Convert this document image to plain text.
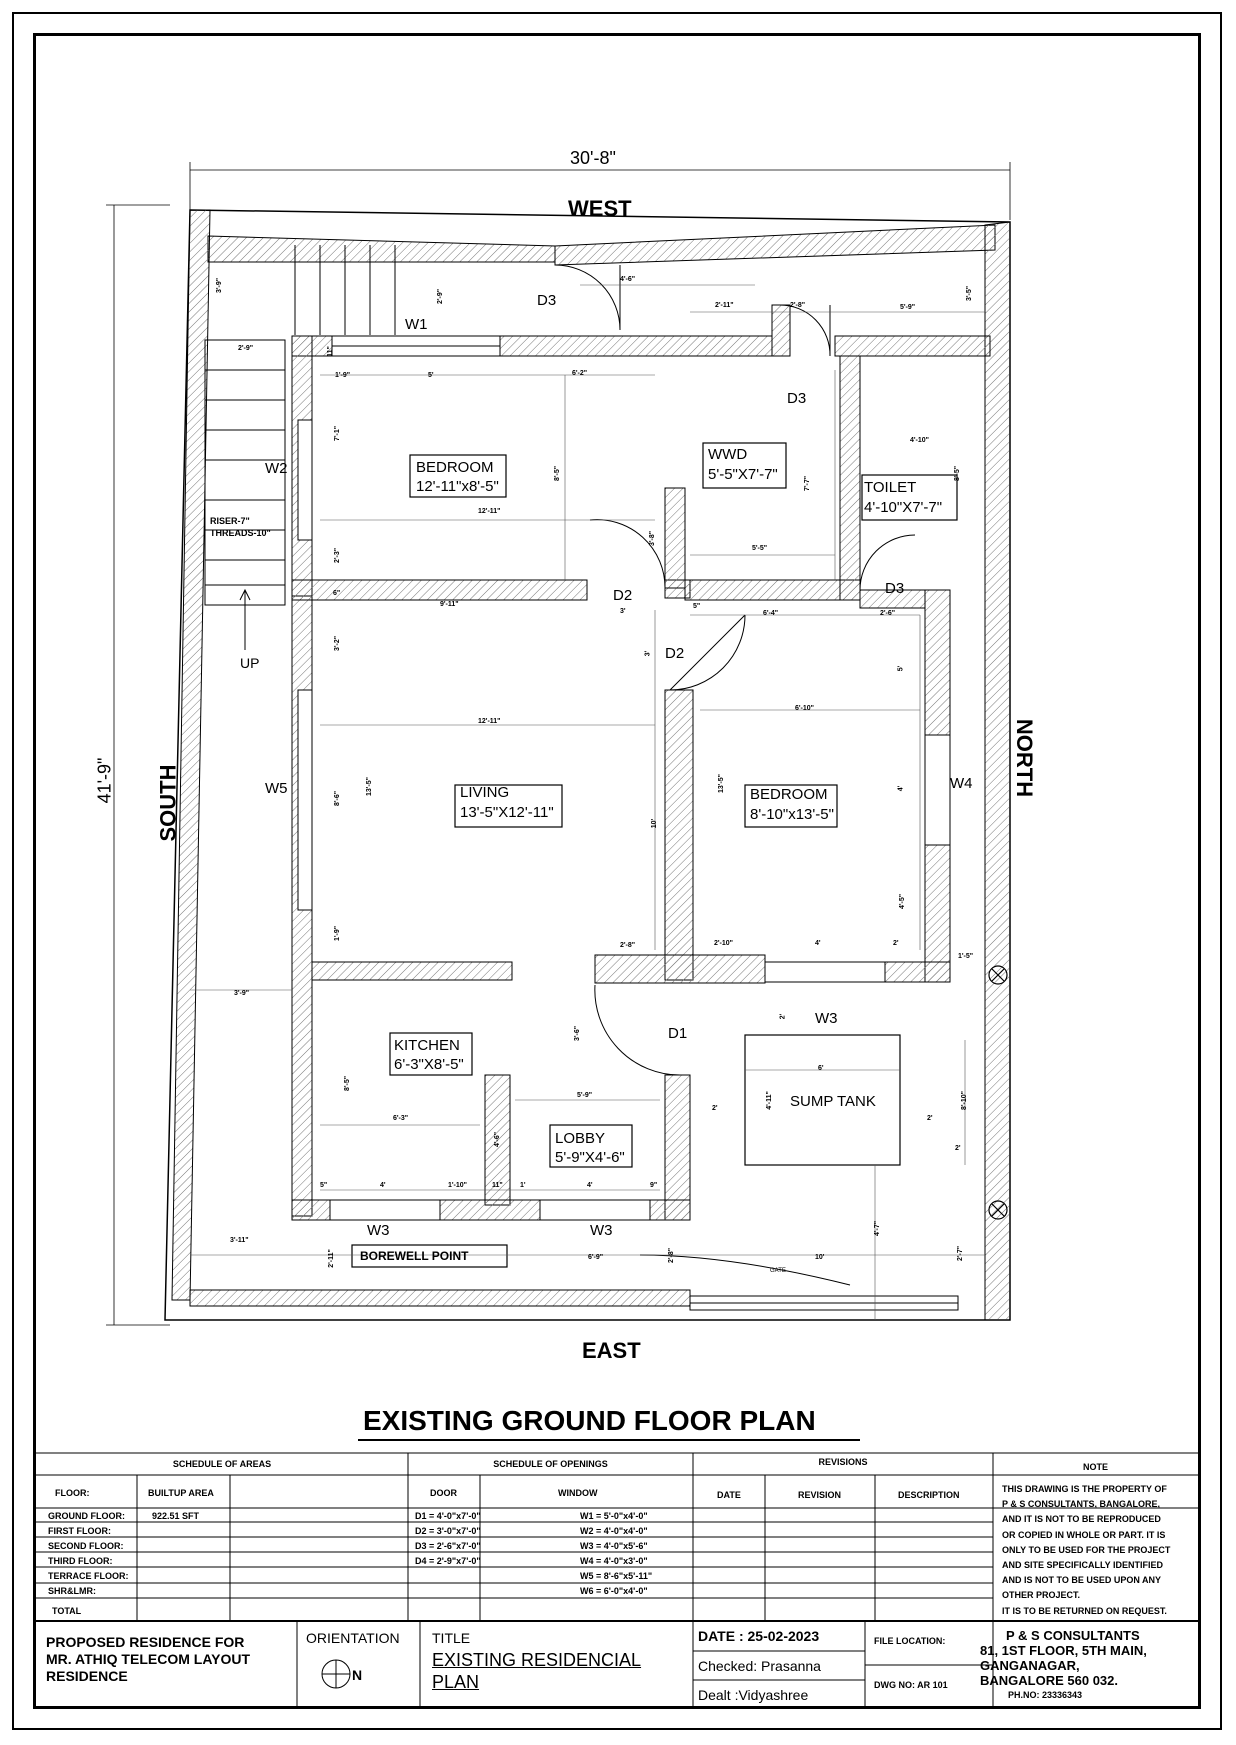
30'-8"
41'-9"
WEST
EAST
SOUTH
NORTH
BEDROOM
12'-11"x8'-5"
WWD
5'-5"X7'-7"
TOILET
4'-10"X7'-7"
LIVING
13'-5"X12'-11"
BEDROOM
8'-10"x13'-5"
KITCHEN
6'-3"X8'-5"
LOBBY
5'-9"X4'-6"
SUMP TANK
BOREWELL POINT
GATE
RISER-7"
THREADS-10"
UP
D3
D3
D3
D2
D2
D1
W1
W2
W5	W4
W3
W3	W3
3'-9"
2'-9"
4'-6"
2'-11"	2'-8"	5'-9"
3'-5"
2'-9"	11"
1'-9"	5'	6'-2"
7'-1"
8'-5"
12'-11"
2'-3"
3'-8"
5'-5"
7'-7"
4'-10"
8'-5"
6"
9'-11"
3'
5"
6'-4"	2'-6"
3'-2"
3'
5'
12'-11"
6'-10"
13'-5"
8'-6"
10'
13'-5"	4'
4'-5"
1'-9"
2'-8"	2'-10"	4'	2'
1'-5"
3'-9"
3'-6"
2'
6'
8'-5"
5'-9"	4'-11"
2'	8'-10"
6'-3"
4'-6"
2'
2'
5"	4'	1'-10"	11" 1'	4'	9"
4'-7"
3'-11"
2'-11"	6'-9"	2'-8"	10'	2'-7"
EXISTING GROUND FLOOR PLAN
SCHEDULE OF AREAS
FLOOR:	BUILTUP AREA
GROUND FLOOR:	922.51 SFT
FIRST FLOOR:
SECOND FLOOR:
THIRD FLOOR:
TERRACE FLOOR:
SHR&LMR:
TOTAL
SCHEDULE OF OPENINGS
DOOR	WINDOW
D1 = 4'-0"x7'-0"
D2 = 3'-0"x7'-0"
D3 = 2'-6"x7'-0"
D4 = 2'-9"x7'-0"
W1 = 5'-0"x4'-0"
W2 = 4'-0"x4'-0"
W3 = 4'-0"x5'-6"
W4 = 4'-0"x3'-0"
W5 = 8'-6"x5'-11"
W6 = 6'-0"x4'-0"
REVISIONS
DATE	REVISION	DESCRIPTION
NOTE
THIS DRAWING IS THE PROPERTY OF
P & S CONSULTANTS, BANGALORE,
AND IT IS NOT TO BE REPRODUCED
OR COPIED IN WHOLE OR PART. IT IS
ONLY TO BE USED FOR THE PROJECT
AND SITE SPECIFICALLY IDENTIFIED
AND IS NOT TO BE USED UPON ANY
OTHER PROJECT.
IT IS TO BE RETURNED ON REQUEST.
PROPOSED RESIDENCE FOR
MR. ATHIQ TELECOM LAYOUT
RESIDENCE
ORIENTATION
N
TITLE
EXISTING RESIDENCIAL
PLAN
DATE : 25-02-2023
Checked: Prasanna
Dealt :Vidyashree
FILE LOCATION:
DWG NO: AR 101
P & S CONSULTANTS
81, 1ST FLOOR, 5TH MAIN,
GANGANAGAR,
BANGALORE 560 032.
PH.NO: 23336343
